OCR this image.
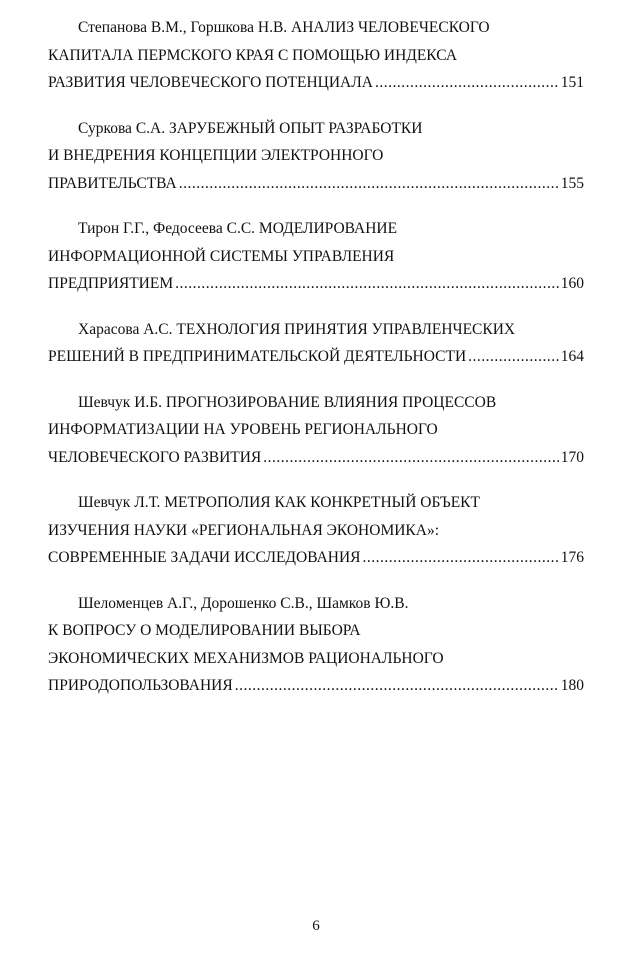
Степанова В.М., Горшкова Н.В. АНАЛИЗ ЧЕЛОВЕЧЕСКОГО
КАПИТАЛА ПЕРМСКОГО КРАЯ С ПОМОЩЬЮ ИНДЕКСА
РАЗВИТИЯ ЧЕЛОВЕЧЕСКОГО ПОТЕНЦИАЛА .....	151
Суркова С.А. ЗАРУБЕЖНЫЙ ОПЫТ РАЗРАБОТКИ
И ВНЕДРЕНИЯ КОНЦЕПЦИИ ЭЛЕКТРОННОГО
ПРАВИТЕЛЬСТВА .....	155
Тирон Г.Г., Федосеева С.С. МОДЕЛИРОВАНИЕ
ИНФОРМАЦИОННОЙ СИСТЕМЫ УПРАВЛЕНИЯ
ПРЕДПРИЯТИЕМ .....	160
Харасова А.С. ТЕХНОЛОГИЯ ПРИНЯТИЯ УПРАВЛЕНЧЕСКИХ
РЕШЕНИЙ В ПРЕДПРИНИМАТЕЛЬСКОЙ ДЕЯТЕЛЬНОСТИ .....	164
Шевчук И.Б. ПРОГНОЗИРОВАНИЕ ВЛИЯНИЯ ПРОЦЕССОВ
ИНФОРМАТИЗАЦИИ НА УРОВЕНЬ РЕГИОНАЛЬНОГО
ЧЕЛОВЕЧЕСКОГО РАЗВИТИЯ .....	170
Шевчук Л.Т. МЕТРОПОЛИЯ КАК КОНКРЕТНЫЙ ОБЪЕКТ
ИЗУЧЕНИЯ НАУКИ «РЕГИОНАЛЬНАЯ ЭКОНОМИКА»:
СОВРЕМЕННЫЕ ЗАДАЧИ ИССЛЕДОВАНИЯ .....	176
Шеломенцев А.Г., Дорошенко С.В., Шамков Ю.В.
К ВОПРОСУ О МОДЕЛИРОВАНИИ ВЫБОРА
ЭКОНОМИЧЕСКИХ МЕХАНИЗМОВ РАЦИОНАЛЬНОГО
ПРИРОДОПОЛЬЗОВАНИЯ .....	180
6
